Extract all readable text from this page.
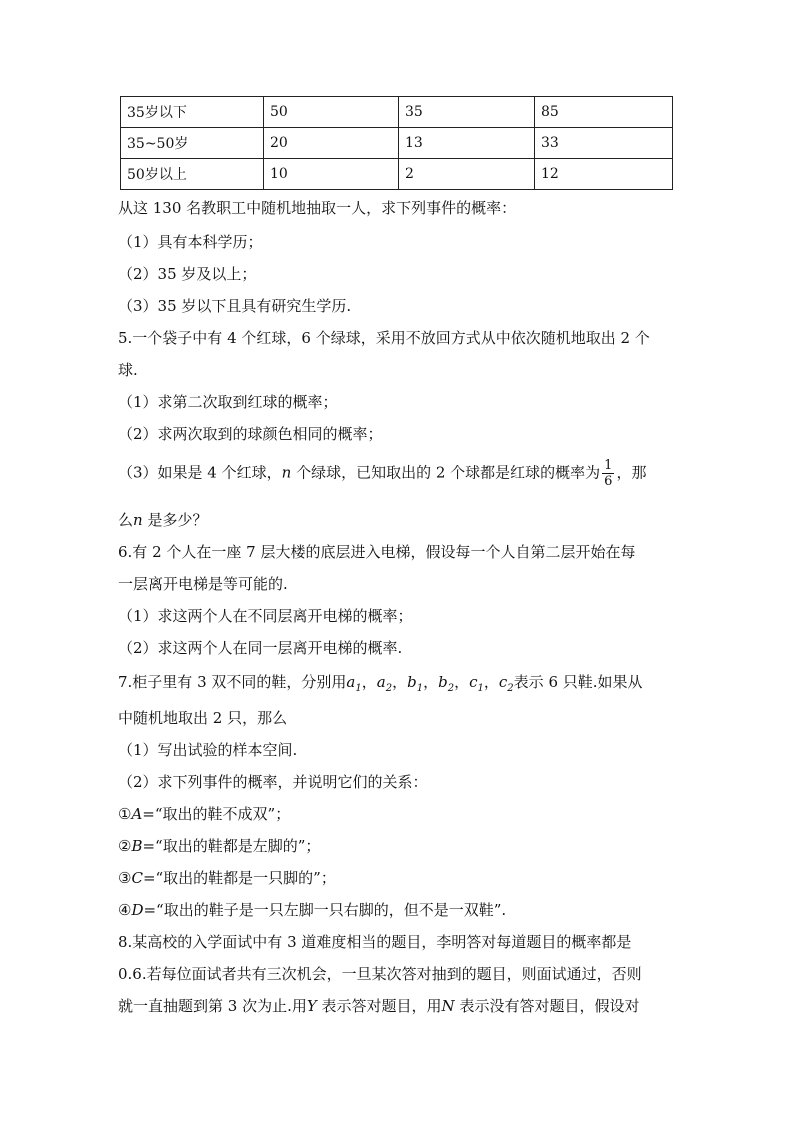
35岁以下	50	35	85
35~50岁	20	13	33
50岁以上	10	2	12
从这 130 名教职工中随机地抽取一人，求下列事件的概率：
（1）具有本科学历；
（2）35 岁及以上；
（3）35 岁以下且具有研究生学历.
5.一个袋子中有 4 个红球，6 个绿球，采用不放回方式从中依次随机地取出 2 个
球.
（1）求第二次取到红球的概率；
（2）求两次取到的球颜色相同的概率；
（3）如果是 4 个红球，n 个绿球，已知取出的 2 个球都是红球的概率为 $\frac{1}{6}$ ，那
么n 是多少？
6.有 2 个人在一座 7 层大楼的底层进入电梯，假设每一个人自第二层开始在每
一层离开电梯是等可能的.
（1）求这两个人在不同层离开电梯的概率；
（2）求这两个人在同一层离开电梯的概率.
7.柜子里有 3 双不同的鞋，分别用$a_1$，$a_2$，$b_1$，$b_2$，$c_1$，$c_2$表示 6 只鞋.如果从
中随机地取出 2 只，那么
（1）写出试验的样本空间.
（2）求下列事件的概率，并说明它们的关系：
①A=“取出的鞋不成双”；
②B=“取出的鞋都是左脚的”；
③C=“取出的鞋都是一只脚的”；
④D=“取出的鞋子是一只左脚一只右脚的，但不是一双鞋”.
8.某高校的入学面试中有 3 道难度相当的题目，李明答对每道题目的概率都是
0.6.若每位面试者共有三次机会，一旦某次答对抽到的题目，则面试通过，否则
就一直抽题到第 3 次为止.用Y 表示答对题目，用N 表示没有答对题目，假设对
